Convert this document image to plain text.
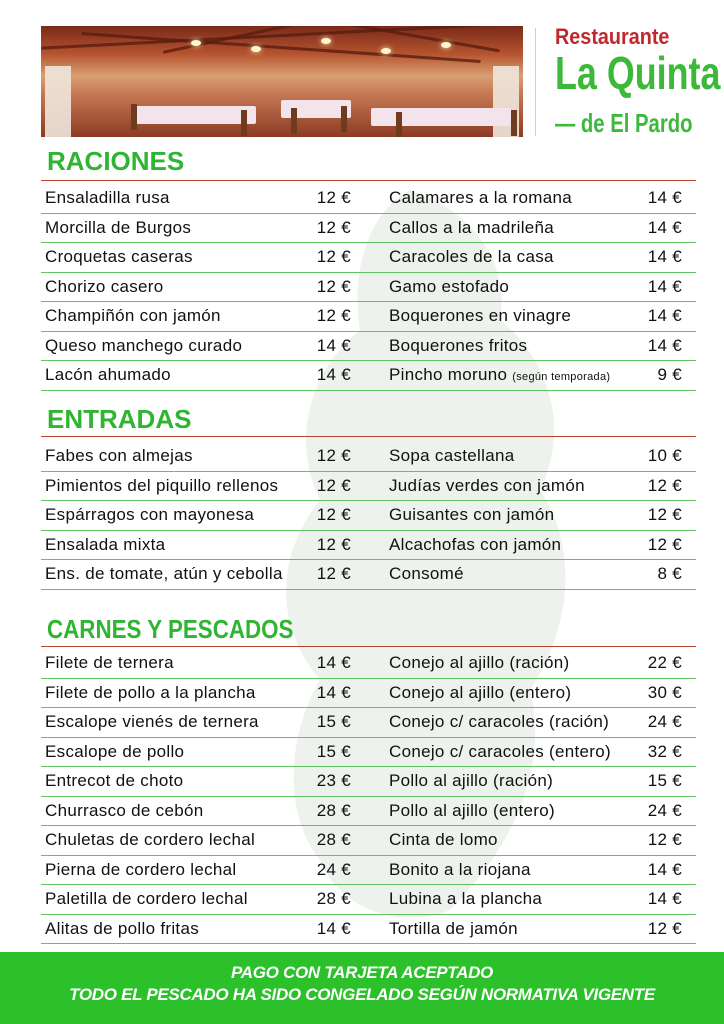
Restaurante
La Quinta
— de El Pardo
RACIONES
Ensaladilla rusa	12 € Calamares a la romana	14 €
Morcilla de Burgos	12 € Callos a la madrileña	14 €
Croquetas caseras	12 € Caracoles de la casa	14 €
Chorizo casero	12 € Gamo estofado	14 €
Champiñón con jamón	12 € Boquerones en vinagre	14 €
Queso manchego curado	14 € Boquerones fritos	14 €
Lacón ahumado	14 € Pincho moruno (según temporada)	9 €
ENTRADAS
Fabes con almejas	12 € Sopa castellana	10 €
Pimientos del piquillo rellenos 12 € Judías verdes con jamón	12 €
Espárragos con mayonesa	12 € Guisantes con jamón	12 €
Ensalada mixta	12 € Alcachofas con jamón	12 €
Ens. de tomate, atún y cebolla 12 € Consomé	8 €
CARNES Y PESCADOS
Filete de ternera	14 € Conejo al ajillo (ración)	22 €
Filete de pollo a la plancha	14 € Conejo al ajillo (entero)	30 €
Escalope vienés de ternera	15 € Conejo c/ caracoles (ración) 24 €
Escalope de pollo	15 € Conejo c/ caracoles (entero) 32 €
Entrecot de choto	23 € Pollo al ajillo (ración)	15 €
Churrasco de cebón	28 € Pollo al ajillo (entero)	24 €
Chuletas de cordero lechal	28 € Cinta de lomo	12 €
Pierna de cordero lechal	24 € Bonito a la riojana	14 €
Paletilla de cordero lechal	28 € Lubina a la plancha	14 €
Alitas de pollo fritas	14 € Tortilla de jamón	12 €
PAGO CON TARJETA ACEPTADO
TODO EL PESCADO HA SIDO CONGELADO SEGÚN NORMATIVA VIGENTE
